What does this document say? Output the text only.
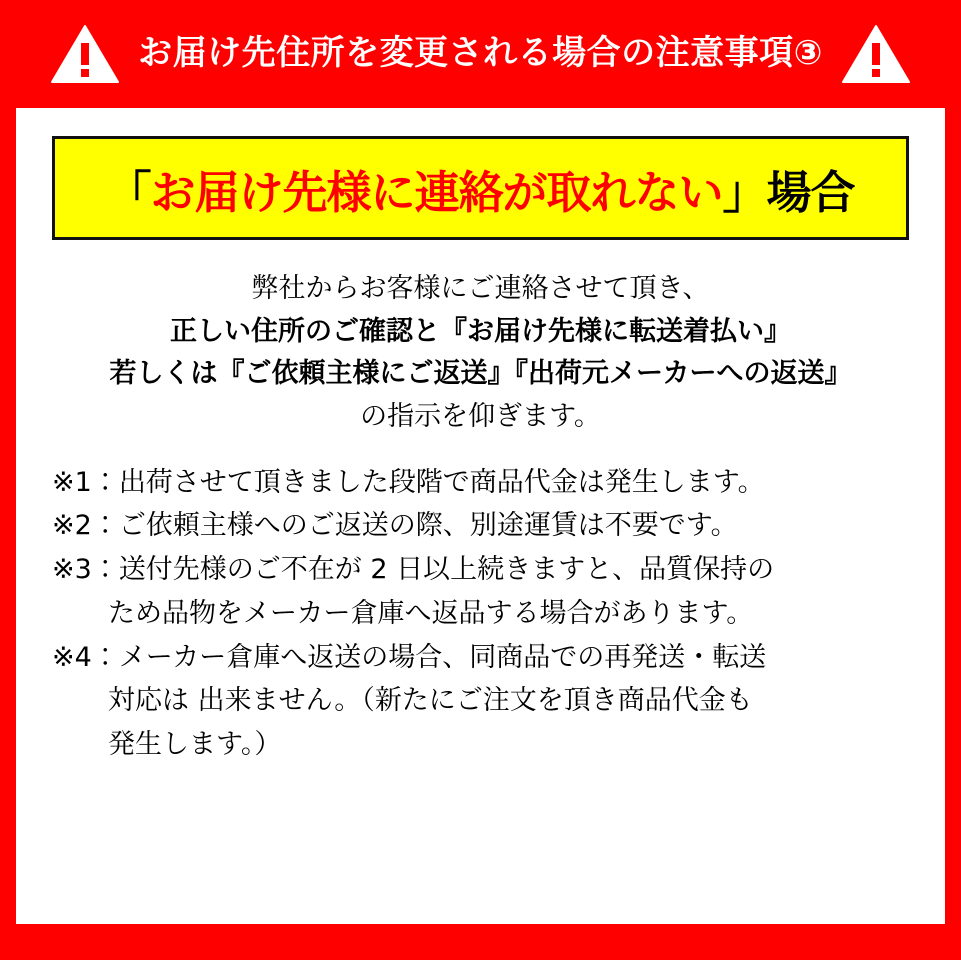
お届け先住所を変更される場合の注意事項③
「お届け先様に連絡が取れない」場合
弊社からお客様にご連絡させて頂き、
正しい住所のご確認と『お届け先様に転送着払い』
若しくは『ご依頼主様にご返送』『出荷元メーカーへの返送』
の指示を仰ぎます。
※1：出荷させて頂きました段階で商品代金は発生します。
※2：ご依頼主様へのご返送の際、別途運賃は不要です。
※3：送付先様のご不在が 2 日以上続きますと、品質保持の
ため品物をメーカー倉庫へ返品する場合があります。
※4：メーカー倉庫へ返送の場合、同商品での再発送・転送
対応は 出来ません。（新たにご注文を頂き商品代金も
発生します。）
